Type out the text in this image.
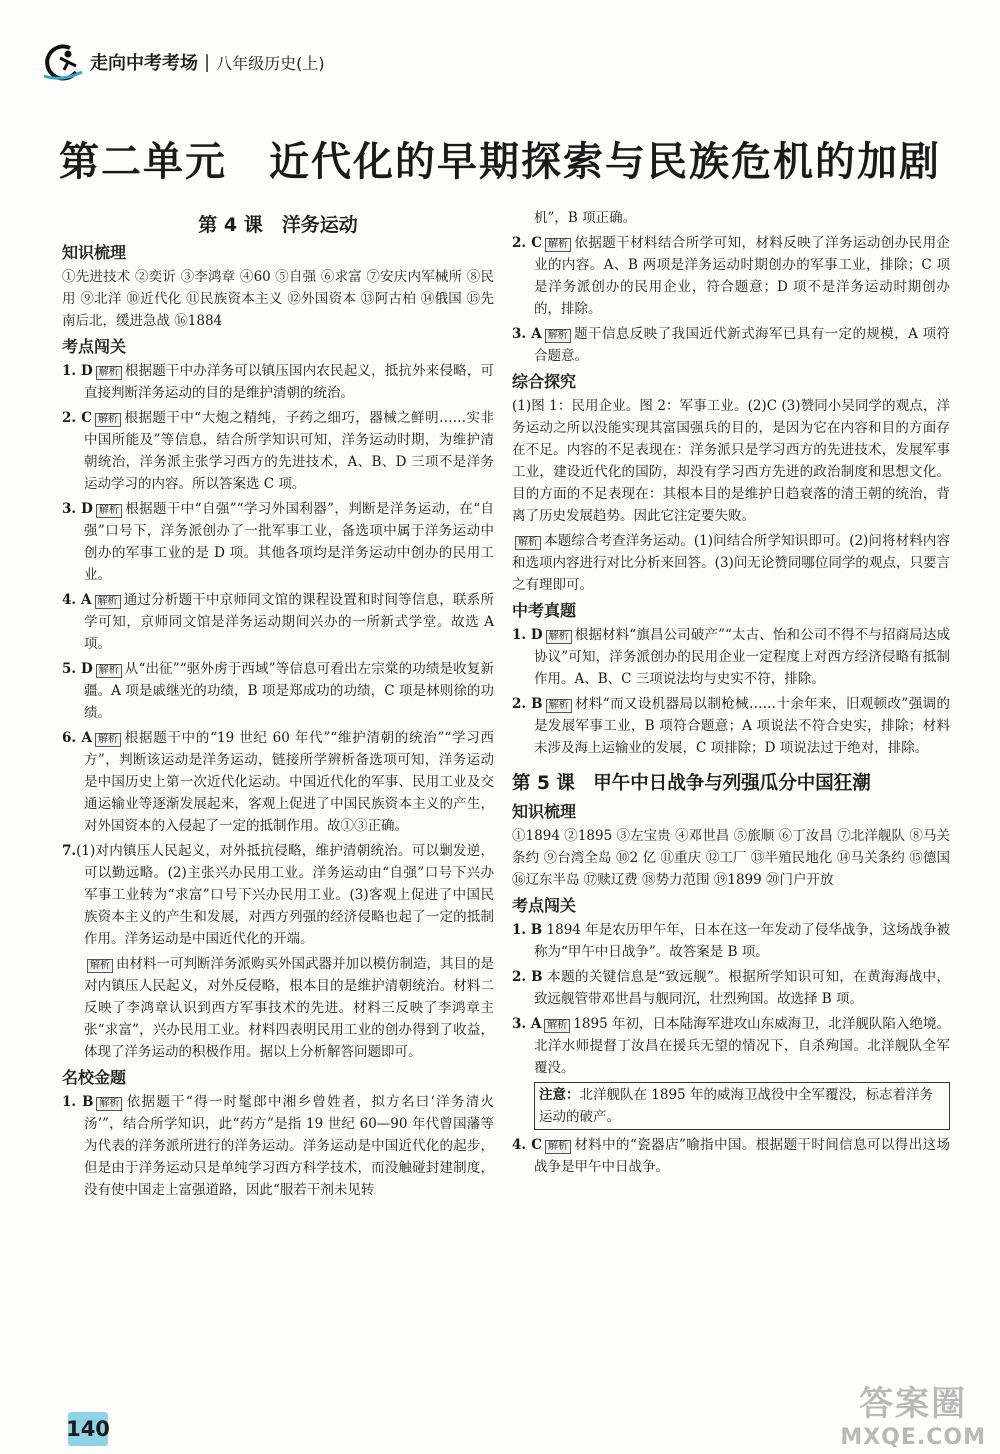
走向中考考场 | 八年级历史(上)
第二单元　近代化的早期探索与民族危机的加剧
第 4 课　洋务运动
知识梳理

①先进技术 ②奕䜣 ③李鸿章 ④60 ⑤自强 ⑥求富 ⑦安庆内军械所 ⑧民用 ⑨北洋 ⑩近代化 ⑪民族资本主义 ⑫外国资本 ⑬阿古柏 ⑭俄国 ⑮先南后北，缓进急战 ⑯1884

考点闯关

1. D 解析 根据题干中办洋务可以镇压国内农民起义，抵抗外来侵略，可直接判断洋务运动的目的是维护清朝的统治。

2. C 解析 根据题干中“大炮之精纯，子药之细巧，器械之鲜明……实非中国所能及”等信息，结合所学知识可知，洋务运动时期，为维护清朝统治，洋务派主张学习西方的先进技术，A、B、D 三项不是洋务运动学习的内容。所以答案选 C 项。

3. D 解析 根据题干中“自强”“学习外国利器”，判断是洋务运动，在“自强”口号下，洋务派创办了一批军事工业，备选项中属于洋务运动中创办的军事工业的是 D 项。其他各项均是洋务运动中创办的民用工业。

4. A 解析 通过分析题干中京师同文馆的课程设置和时间等信息，联系所学可知，京师同文馆是洋务运动期间兴办的一所新式学堂。故选 A 项。

5. D 解析 从“出征”“驱外虏于西域”等信息可看出左宗棠的功绩是收复新疆。A 项是戚继光的功绩，B 项是郑成功的功绩，C 项是林则徐的功绩。

6. A 解析 根据题干中的“19 世纪 60 年代”“维护清朝的统治”“学习西方”，判断该运动是洋务运动，链接所学辨析备选项可知，洋务运动是中国历史上第一次近代化运动。中国近代化的军事、民用工业及交通运输业等逐渐发展起来，客观上促进了中国民族资本主义的产生，对外国资本的入侵起了一定的抵制作用。故①③正确。

7.(1)对内镇压人民起义，对外抵抗侵略，维护清朝统治。可以剿发逆，可以勤远略。(2)主张兴办民用工业。洋务运动由“自强”口号下兴办军事工业转为“求富”口号下兴办民用工业。(3)客观上促进了中国民族资本主义的产生和发展，对西方列强的经济侵略也起了一定的抵制作用。洋务运动是中国近代化的开端。

解析 由材料一可判断洋务派购买外国武器并加以模仿制造，其目的是对内镇压人民起义，对外反侵略，根本目的是维护清朝统治。材料二反映了李鸿章认识到西方军事技术的先进。材料三反映了李鸿章主张“求富”，兴办民用工业。材料四表明民用工业的创办得到了收益，体现了洋务运动的积极作用。据以上分析解答问题即可。

名校金题

1. B 解析 依据题干“得一时髦郎中湘乡曾姓者，拟方名曰‘洋务清火汤’”，结合所学知识，此“药方”是指 19 世纪 60—90 年代曾国藩等为代表的洋务派所进行的洋务运动。洋务运动是中国近代化的起步，但是由于洋务运动只是单纯学习西方科学技术，而没触碰封建制度，没有使中国走上富强道路，因此“服若干剂未见转

机”，B 项正确。

2. C 解析 依据题干材料结合所学可知，材料反映了洋务运动创办民用企业的内容。A、B 两项是洋务运动时期创办的军事工业，排除；C 项是洋务派创办的民用企业，符合题意；D 项不是洋务运动时期创办的，排除。

3. A 解析 题干信息反映了我国近代新式海军已具有一定的规模，A 项符合题意。

综合探究

(1)图 1：民用企业。图 2：军事工业。(2)C (3)赞同小吴同学的观点，洋务运动之所以没能实现其富国强兵的目的，是因为它在内容和目的方面存在不足。内容的不足表现在：洋务派只是学习西方的先进技术，发展军事工业，建设近代化的国防，却没有学习西方先进的政治制度和思想文化。目的方面的不足表现在：其根本目的是维护日趋衰落的清王朝的统治，背离了历史发展趋势。因此它注定要失败。

解析 本题综合考查洋务运动。(1)问结合所学知识即可。(2)问将材料内容和选项内容进行对比分析来回答。(3)问无论赞同哪位同学的观点，只要言之有理即可。

中考真题

1. D 解析 根据材料“旗昌公司破产”“太古、怡和公司不得不与招商局达成协议”可知，洋务派创办的民用企业一定程度上对西方经济侵略有抵制作用。A、B、C 三项说法均与史实不符，排除。

2. B 解析 材料“而又设机器局以制枪械……十余年来，旧观顿改”强调的是发展军事工业，B 项符合题意；A 项说法不符合史实，排除；材料未涉及海上运输业的发展，C 项排除；D 项说法过于绝对，排除。

第 5 课　甲午中日战争与列强瓜分中国狂潮
知识梳理

①1894 ②1895 ③左宝贵 ④邓世昌 ⑤旅顺 ⑥丁汝昌 ⑦北洋舰队 ⑧马关条约 ⑨台湾全岛 ⑩2 亿 ⑪重庆 ⑫工厂 ⑬半殖民地化 ⑭马关条约 ⑮德国 ⑯辽东半岛 ⑰赎辽费 ⑱势力范围 ⑲1899 ⑳门户开放

考点闯关

1. B 1894 年是农历甲午年，日本在这一年发动了侵华战争，这场战争被称为“甲午中日战争”。故答案是 B 项。

2. B 本题的关键信息是“致远舰”。根据所学知识可知，在黄海海战中，致远舰管带邓世昌与舰同沉，壮烈殉国。故选择 B 项。

3. A 解析 1895 年初，日本陆海军进攻山东威海卫，北洋舰队陷入绝境。北洋水师提督丁汝昌在援兵无望的情况下，自杀殉国。北洋舰队全军覆没。

注意：北洋舰队在 1895 年的威海卫战役中全军覆没，标志着洋务运动的破产。

4. C 解析 材料中的“瓷器店”喻指中国。根据题干时间信息可以得出这场战争是甲午中日战争。

140
答案圈
MXQE.COM
